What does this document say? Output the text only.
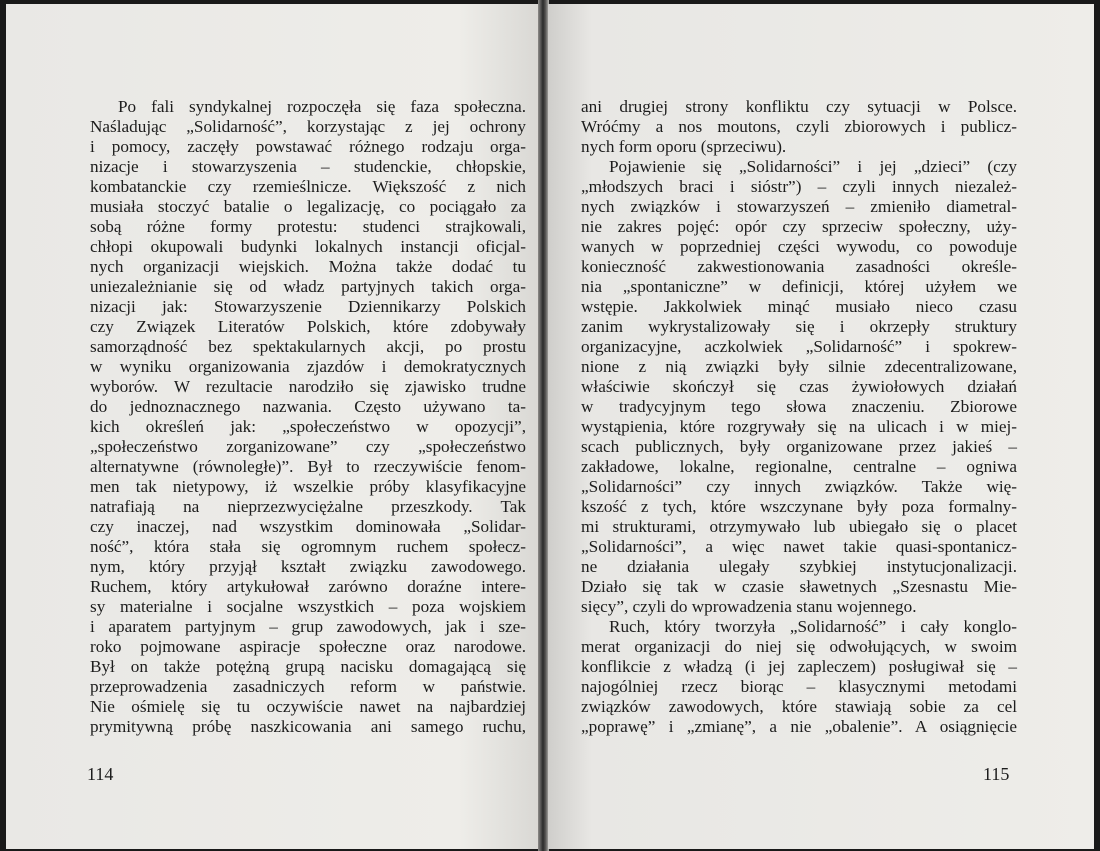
Po fali syndykalnej rozpoczęła się faza społeczna.
Naśladując „Solidarność”, korzystając z jej ochrony
i pomocy, zaczęły powstawać różnego rodzaju orga-
nizacje i stowarzyszenia – studenckie, chłopskie,
kombatanckie czy rzemieślnicze. Większość z nich
musiała stoczyć batalie o legalizację, co pociągało za
sobą różne formy protestu: studenci strajkowali,
chłopi okupowali budynki lokalnych instancji oficjal-
nych organizacji wiejskich. Można także dodać tu
uniezależnianie się od władz partyjnych takich orga-
nizacji jak: Stowarzyszenie Dziennikarzy Polskich
czy Związek Literatów Polskich, które zdobywały
samorządność bez spektakularnych akcji, po prostu
w wyniku organizowania zjazdów i demokratycznych
wyborów. W rezultacie narodziło się zjawisko trudne
do jednoznacznego nazwania. Często używano ta-
kich określeń jak: „społeczeństwo w opozycji”,
„społeczeństwo zorganizowane” czy „społeczeństwo
alternatywne (równoległe)”. Był to rzeczywiście fenom-
men tak nietypowy, iż wszelkie próby klasyfikacyjne
natrafiają na nieprzezwyciężalne przeszkody. Tak
czy inaczej, nad wszystkim dominowała „Solidar-
ność”, która stała się ogromnym ruchem społecz-
nym, który przyjął kształt związku zawodowego.
Ruchem, który artykułował zarówno doraźne intere-
sy materialne i socjalne wszystkich – poza wojskiem
i aparatem partyjnym – grup zawodowych, jak i sze-
roko pojmowane aspiracje społeczne oraz narodowe.
Był on także potężną grupą nacisku domagającą się
przeprowadzenia zasadniczych reform w państwie.
Nie ośmielę się tu oczywiście nawet na najbardziej
prymitywną próbę naszkicowania ani samego ruchu,
114
ani drugiej strony konfliktu czy sytuacji w Polsce.
Wróćmy a nos moutons, czyli zbiorowych i publicz-
nych form oporu (sprzeciwu).
Pojawienie się „Solidarności” i jej „dzieci” (czy
„młodszych braci i sióstr”) – czyli innych niezależ-
nych związków i stowarzyszeń – zmieniło diametral-
nie zakres pojęć: opór czy sprzeciw społeczny, uży-
wanych w poprzedniej części wywodu, co powoduje
konieczność zakwestionowania zasadności określe-
nia „spontaniczne” w definicji, której użyłem we
wstępie. Jakkolwiek minąć musiało nieco czasu
zanim wykrystalizowały się i okrzepły struktury
organizacyjne, aczkolwiek „Solidarność” i spokrew-
nione z nią związki były silnie zdecentralizowane,
właściwie skończył się czas żywiołowych działań
w tradycyjnym tego słowa znaczeniu. Zbiorowe
wystąpienia, które rozgrywały się na ulicach i w miej-
scach publicznych, były organizowane przez jakieś –
zakładowe, lokalne, regionalne, centralne – ogniwa
„Solidarności” czy innych związków. Także wię-
kszość z tych, które wszczynane były poza formalny-
mi strukturami, otrzymywało lub ubiegało się o placet
„Solidarności”, a więc nawet takie quasi-spontanicz-
ne działania ulegały szybkiej instytucjonalizacji.
Działo się tak w czasie sławetnych „Szesnastu Mie-
sięcy”, czyli do wprowadzenia stanu wojennego.
Ruch, który tworzyła „Solidarność” i cały konglo-
merat organizacji do niej się odwołujących, w swoim
konflikcie z władzą (i jej zapleczem) posługiwał się –
najogólniej rzecz biorąc – klasycznymi metodami
związków zawodowych, które stawiają sobie za cel
„poprawę” i „zmianę”, a nie „obalenie”. A osiągnięcie
115
